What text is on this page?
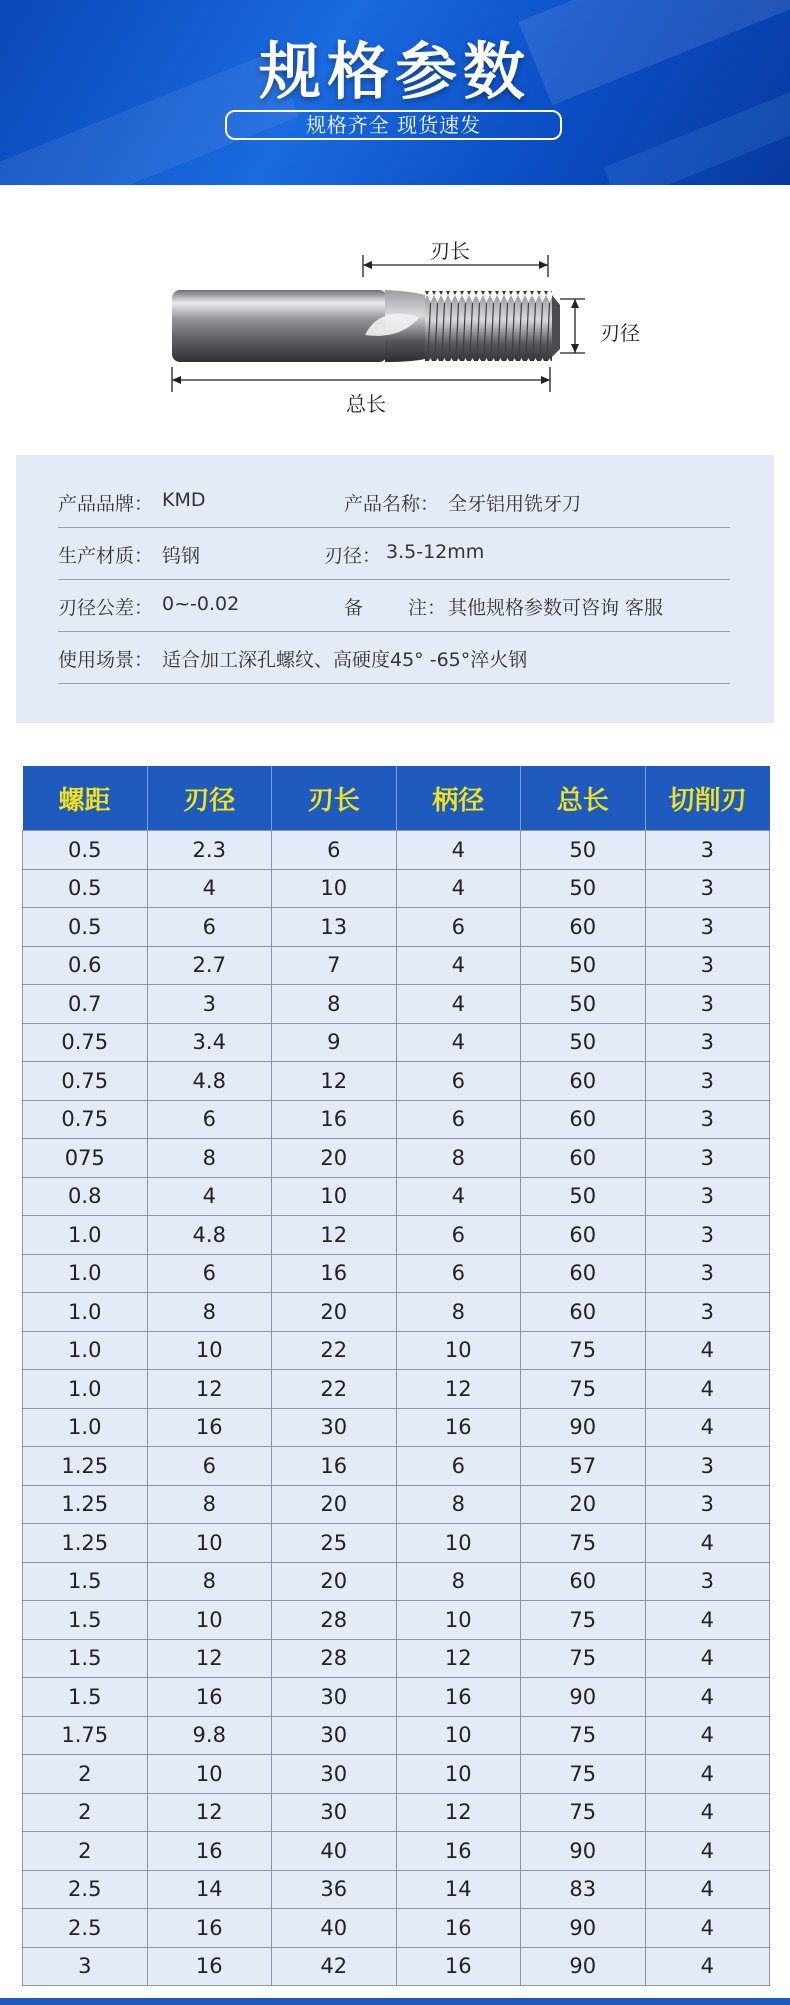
规格参数
规格齐全 现货速发
刃长
刃径
总长
产品品牌： KMD	产品名称： 全牙铝用铣牙刀
生产材质： 钨钢	刃径： 3.5-12mm
刃径公差： 0~-0.02	备 注： 其他规格参数可咨询 客服
使用场景： 适合加工深孔螺纹、高硬度45° -65°淬火钢
螺距	刃径	刃长	柄径	总长	切削刃
0.5	2.3	6	4	50	3
0.5	4	10	4	50	3
0.5	6	13	6	60	3
0.6	2.7	7	4	50	3
0.7	3	8	4	50	3
0.75	3.4	9	4	50	3
0.75	4.8	12	6	60	3
0.75	6	16	6	60	3
075	8	20	8	60	3
0.8	4	10	4	50	3
1.0	4.8	12	6	60	3
1.0	6	16	6	60	3
1.0	8	20	8	60	3
1.0	10	22	10	75	4
1.0	12	22	12	75	4
1.0	16	30	16	90	4
1.25	6	16	6	57	3
1.25	8	20	8	20	3
1.25	10	25	10	75	4
1.5	8	20	8	60	3
1.5	10	28	10	75	4
1.5	12	28	12	75	4
1.5	16	30	16	90	4
1.75	9.8	30	10	75	4
2	10	30	10	75	4
2	12	30	12	75	4
2	16	40	16	90	4
2.5	14	36	14	83	4
2.5	16	40	16	90	4
3	16	42	16	90	4
